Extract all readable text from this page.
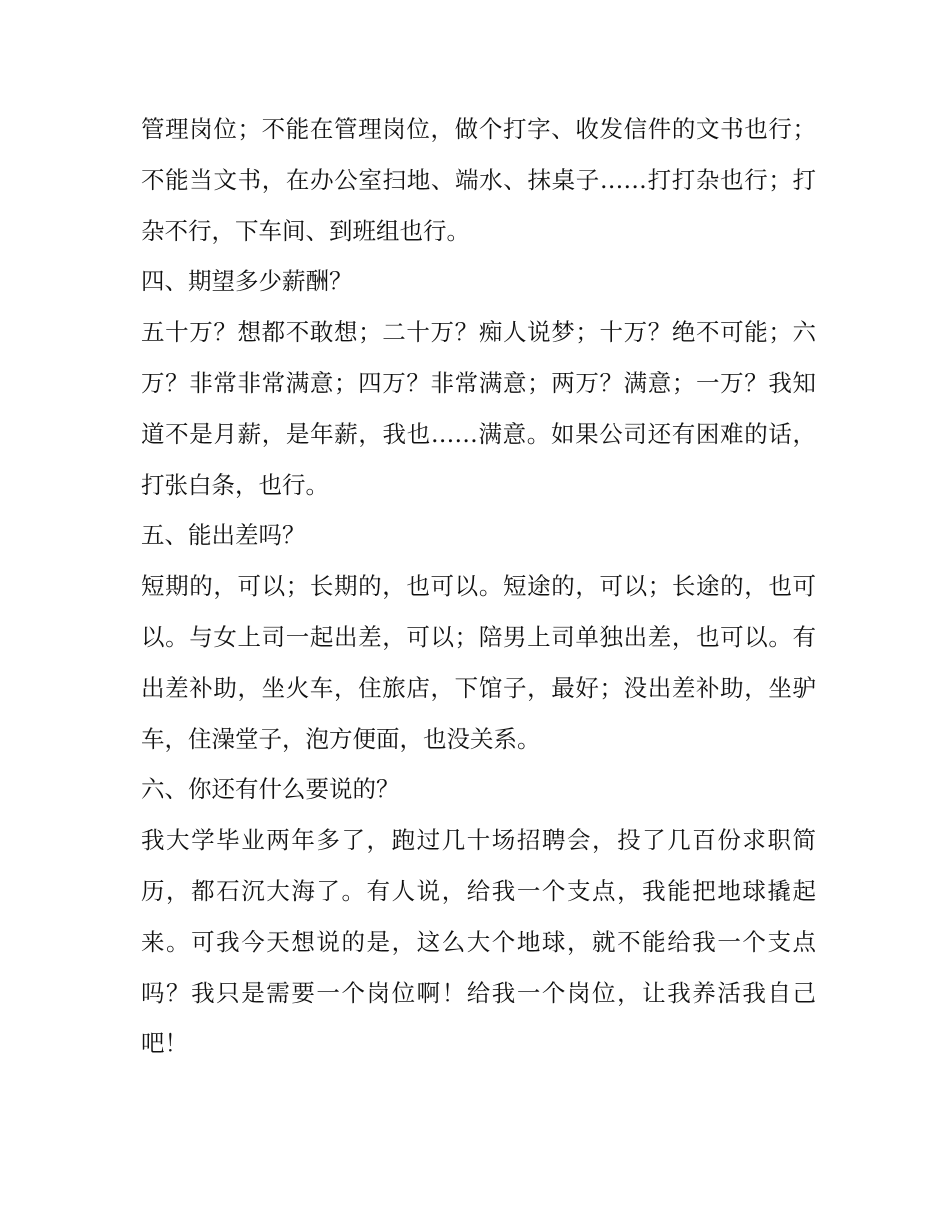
管理岗位；不能在管理岗位，做个打字、收发信件的文书也行；不能当文书，在办公室扫地、端水、抹桌子……打打杂也行；打杂不行，下车间、到班组也行。

四、期望多少薪酬？

五十万？想都不敢想；二十万？痴人说梦；十万？绝不可能；六万？非常非常满意；四万？非常满意；两万？满意；一万？我知道不是月薪，是年薪，我也……满意。如果公司还有困难的话，打张白条，也行。

五、能出差吗？

短期的，可以；长期的，也可以。短途的，可以；长途的，也可以。与女上司一起出差，可以；陪男上司单独出差，也可以。有出差补助，坐火车，住旅店，下馆子，最好；没出差补助，坐驴车，住澡堂子，泡方便面，也没关系。

六、你还有什么要说的？

我大学毕业两年多了，跑过几十场招聘会，投了几百份求职简历，都石沉大海了。有人说，给我一个支点，我能把地球撬起来。可我今天想说的是，这么大个地球，就不能给我一个支点吗？我只是需要一个岗位啊！给我一个岗位，让我养活我自己吧！
